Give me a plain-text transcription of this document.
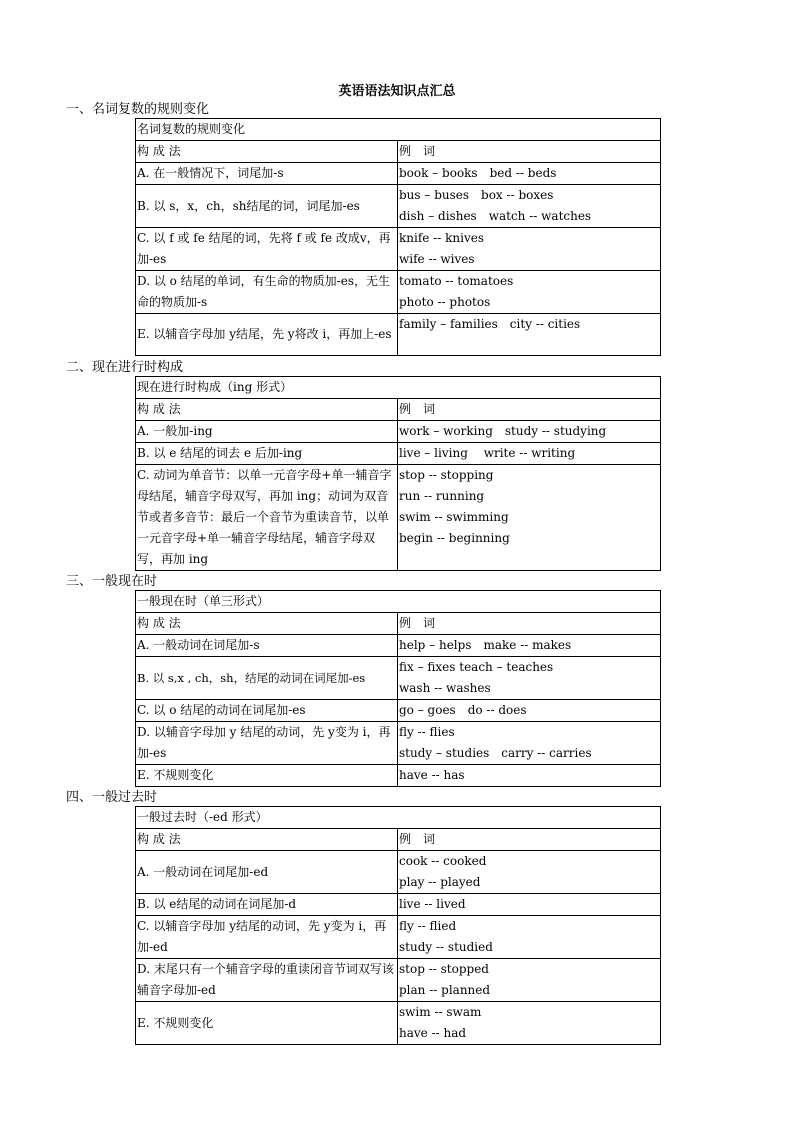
英语语法知识点汇总
一、名词复数的规则变化
名词复数的规则变化	
构 成 法	例　词
A. 在一般情况下，词尾加-s	book – books　bed -- beds

B. 以 s，x，ch，sh结尾的词，词尾加-es	bus – buses　box -- boxes
dish – dishes　watch -- watches

C. 以 f 或 fe 结尾的词，先将 f 或 fe 改成v，再加-es	knife -- knives
wife -- wives

D. 以 o 结尾的单词，有生命的物质加-es，无生命的物质加-s	tomato -- tomatoes
photo -- photos

E. 以辅音字母加 y结尾，先 y将改 i，再加上-es	family – families　city -- cities
二、现在进行时构成
现在进行时构成（ing 形式）	
构 成 法	例　词
A. 一般加-ing	work – working　study -- studying

B. 以 e 结尾的词去 e 后加-ing	live – living　 write -- writing

C. 动词为单音节：以单一元音字母+单一辅音字母结尾，辅音字母双写，再加 ing；动词为双音节或者多音节：最后一个音节为重读音节，以单一元音字母+单一辅音字母结尾，辅音字母双写，再加 ing	stop -- stopping
run -- running
swim -- swimming
begin -- beginning
三、一般现在时
一般现在时（单三形式）	
构 成 法	例　词
A. 一般动词在词尾加-s	help – helps　make -- makes

B. 以 s,x , ch，sh，结尾的动词在词尾加-es	fix – fixes teach – teaches
wash -- washes

C. 以 o 结尾的动词在词尾加-es	go – goes　do -- does

D. 以辅音字母加 y 结尾的动词，先 y变为 i，再加-es	fly -- flies
study – studies　carry -- carries

E. 不规则变化	have -- has
四、一般过去时
一般过去时（-ed 形式）	
构 成 法	例　词
A. 一般动词在词尾加-ed	cook -- cooked
play -- played

B. 以 e结尾的动词在词尾加-d	live -- lived

C. 以辅音字母加 y结尾的动词，先 y变为 i，再加-ed	fly -- flied
study -- studied

D. 末尾只有一个辅音字母的重读闭音节词双写该辅音字母加-ed	stop -- stopped
plan -- planned

E. 不规则变化	swim -- swam
have -- had
